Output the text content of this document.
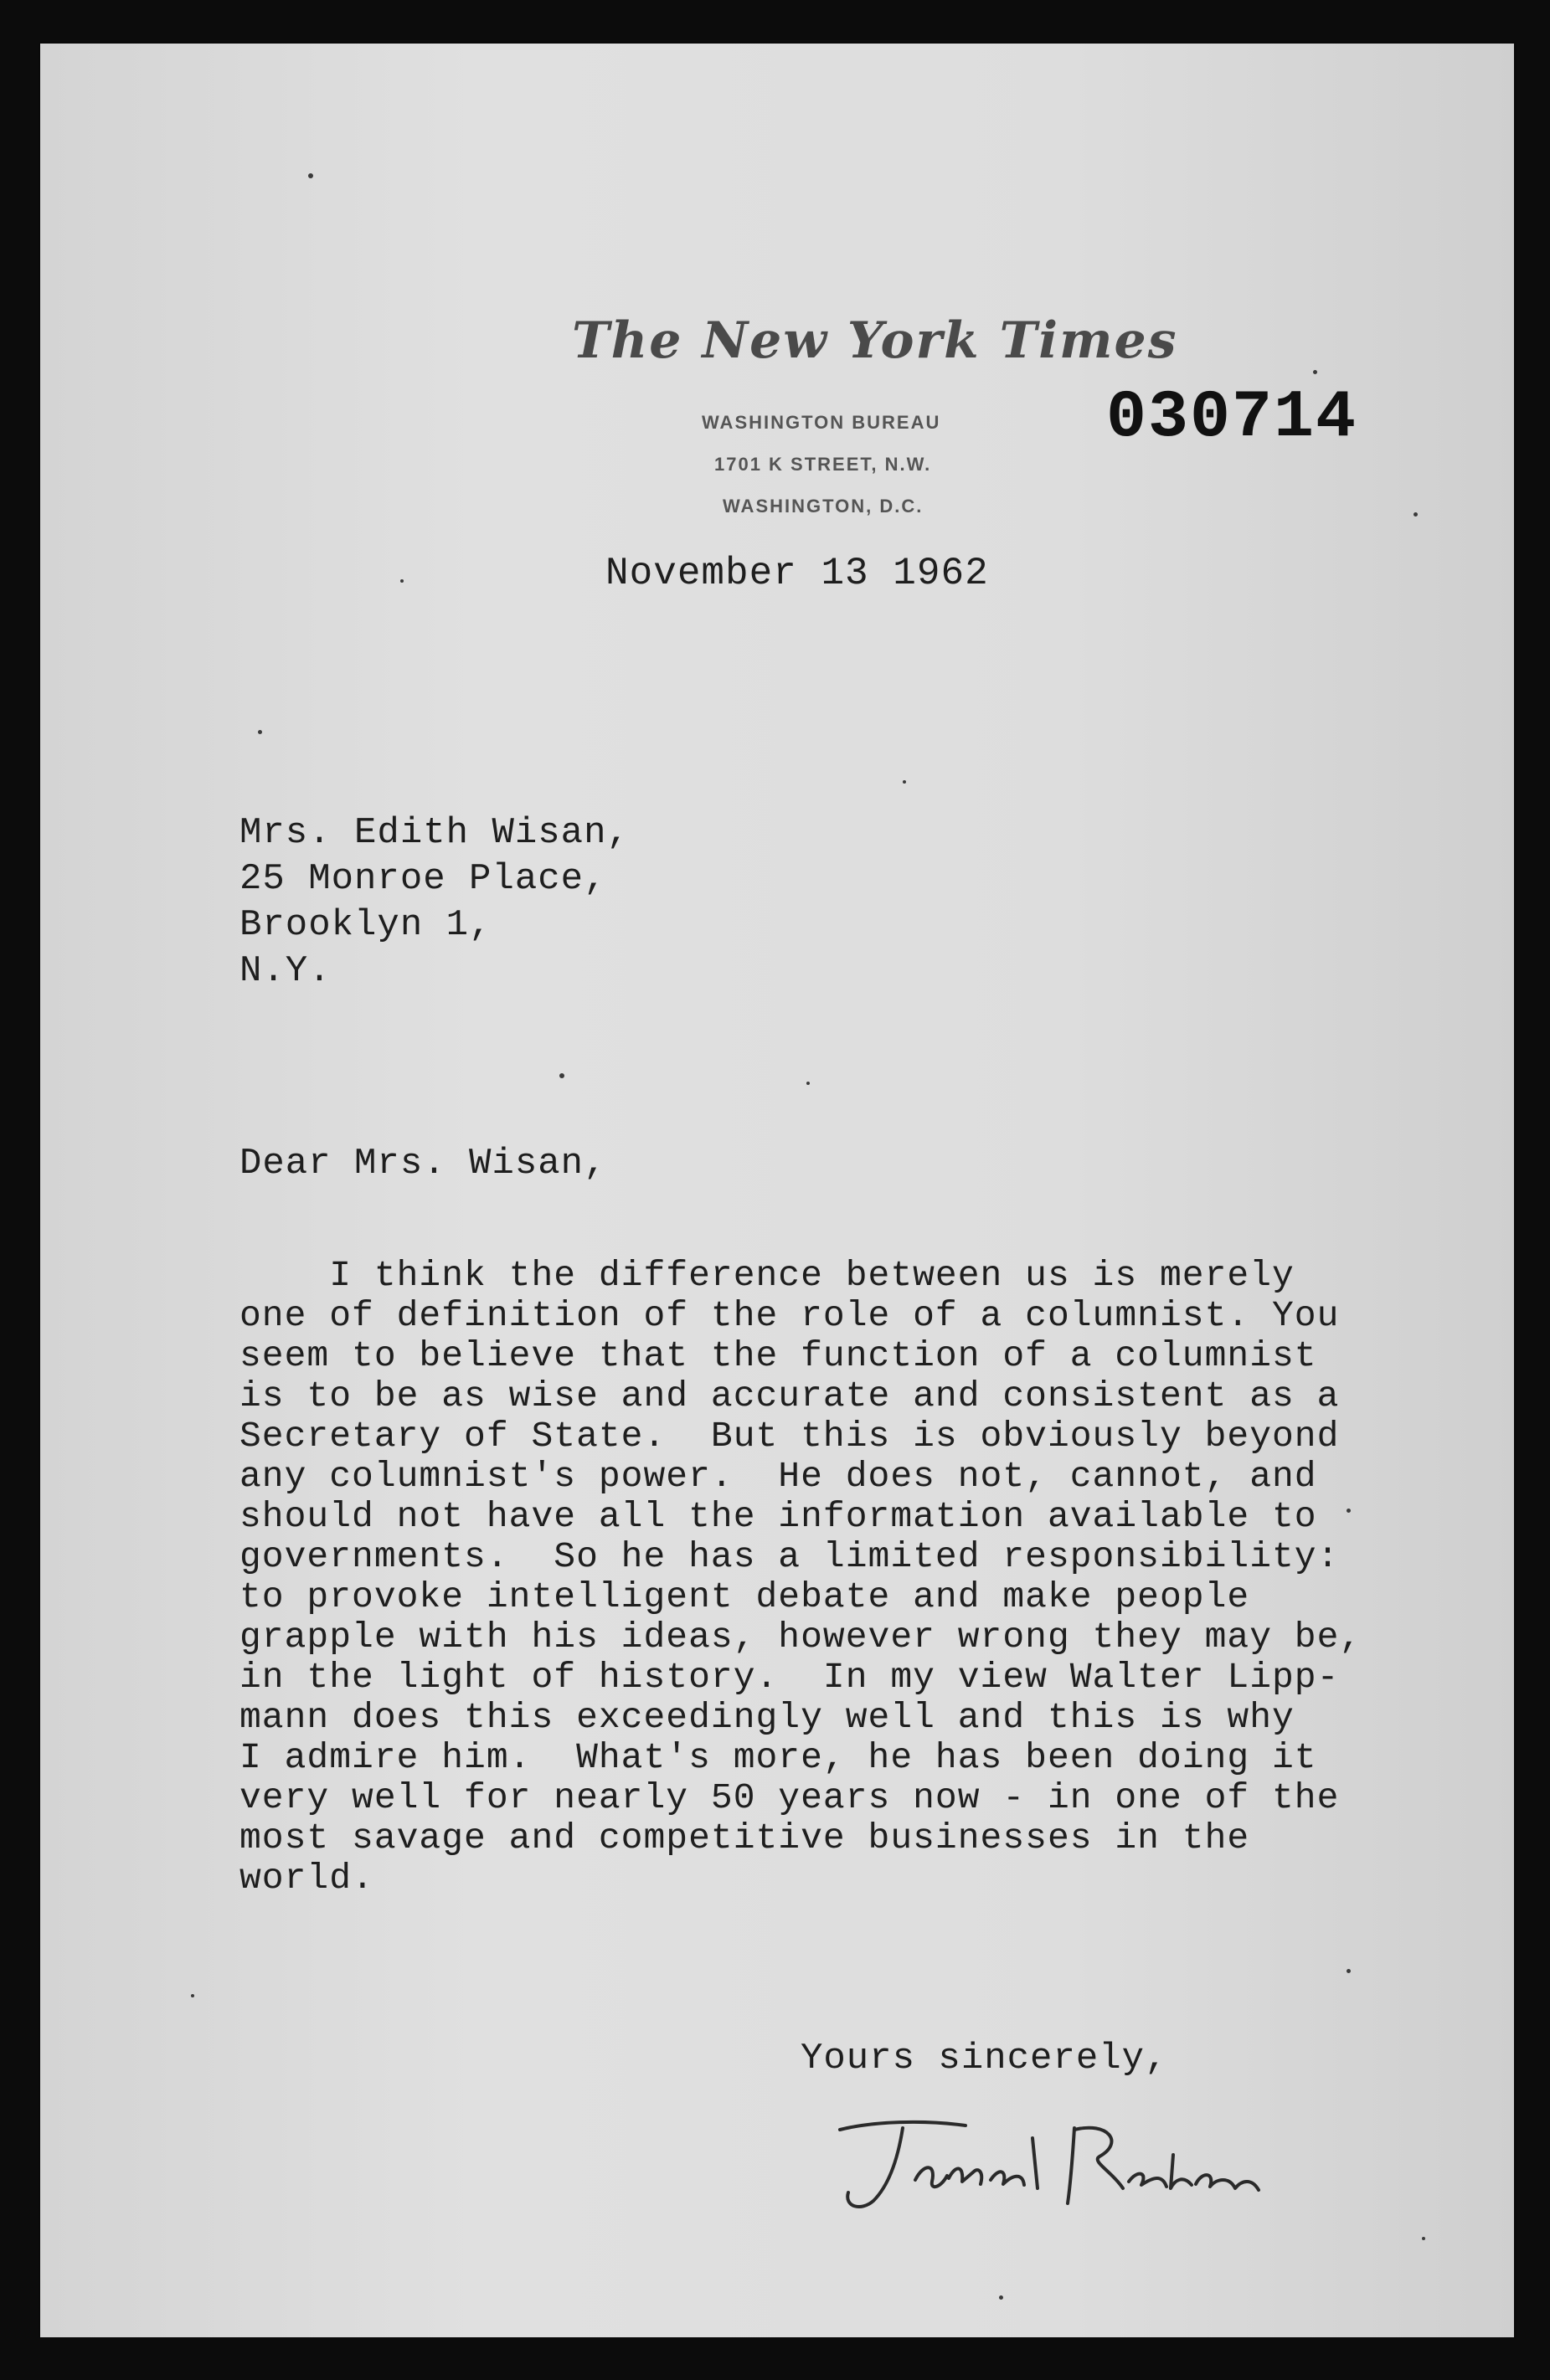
The New York Times
WASHINGTON BUREAU
1701 K STREET, N.W.
WASHINGTON, D.C.
030714
November 13 1962
Mrs. Edith Wisan,
25 Monroe Place,
Brooklyn 1,
N.Y.
Dear Mrs. Wisan,
I think the difference between us is merely
one of definition of the role of a columnist. You
seem to believe that the function of a columnist
is to be as wise and accurate and consistent as a
Secretary of State.  But this is obviously beyond
any columnist's power.  He does not, cannot, and
should not have all the information available to
governments.  So he has a limited responsibility:
to provoke intelligent debate and make people
grapple with his ideas, however wrong they may be,
in the light of history.  In my view Walter Lipp-
mann does this exceedingly well and this is why
I admire him.  What's more, he has been doing it
very well for nearly 50 years now - in one of the
most savage and competitive businesses in the
world.
Yours sincerely,
